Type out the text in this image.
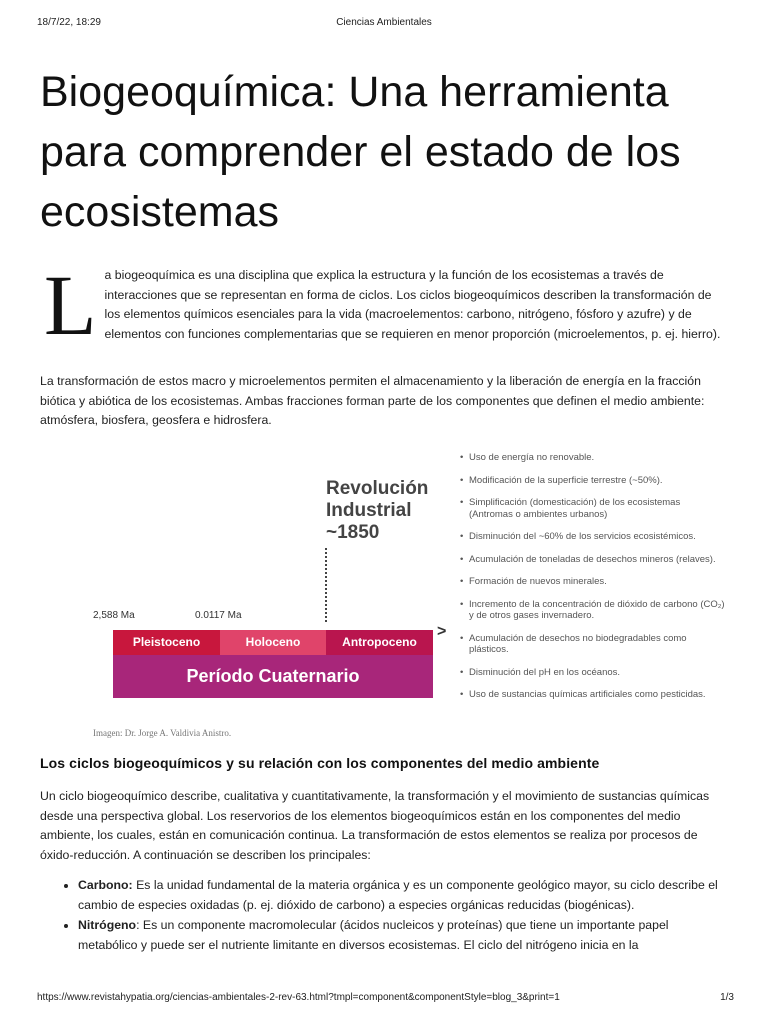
18/7/22, 18:29	Ciencias Ambientales
Biogeoquímica: Una herramienta para comprender el estado de los ecosistemas
L a biogeoquímica es una disciplina que explica la estructura y la función de los ecosistemas a través de interacciones que se representan en forma de ciclos. Los ciclos biogeoquímicos describen la transformación de los elementos químicos esenciales para la vida (macroelementos: carbono, nitrógeno, fósforo y azufre) y de elementos con funciones complementarias que se requieren en menor proporción (microelementos, p. ej. hierro).

La transformación de estos macro y microelementos permiten el almacenamiento y la liberación de energía en la fracción biótica y abiótica de los ecosistemas. Ambas fracciones forman parte de los componentes que definen el medio ambiente: atmósfera, biosfera, geosfera e hidrosfera.

Revolución
Industrial
~1850
2,588 Ma	0.0117 Ma
Pleistoceno	Holoceno	Antropoceno
Período Cuaternario
>
• Uso de energía no renovable.
• Modificación de la superficie terrestre (~50%).
• Simplificación (domesticación) de los ecosistemas (Antromas o ambientes urbanos)
• Disminución del ~60% de los servicios ecosistémicos.
• Acumulación de toneladas de desechos mineros (relaves).
• Formación de nuevos minerales.
• Incremento de la concentración de dióxido de carbono (CO₂) y de otros gases invernadero.
• Acumulación de desechos no biodegradables como plásticos.
• Disminución del pH en los océanos.
• Uso de sustancias químicas artificiales como pesticidas.
Imagen: Dr. Jorge A. Valdivia Anistro.
Los ciclos biogeoquímicos y su relación con los componentes del medio ambiente

Un ciclo biogeoquímico describe, cualitativa y cuantitativamente, la transformación y el movimiento de sustancias químicas desde una perspectiva global. Los reservorios de los elementos biogeoquímicos están en los componentes del medio ambiente, los cuales, están en comunicación continua. La transformación de estos elementos se realiza por procesos de óxido-reducción. A continuación se describen los principales:

• Carbono: Es la unidad fundamental de la materia orgánica y es un componente geológico mayor, su ciclo describe el cambio de especies oxidadas (p. ej. dióxido de carbono) a especies orgánicas reducidas (biogénicas).
• Nitrógeno: Es un componente macromolecular (ácidos nucleicos y proteínas) que tiene un importante papel metabólico y puede ser el nutriente limitante en diversos ecosistemas. El ciclo del nitrógeno inicia en la
https://www.revistahypatia.org/ciencias-ambientales-2-rev-63.html?tmpl=component&componentStyle=blog_3&print=1	1/3
